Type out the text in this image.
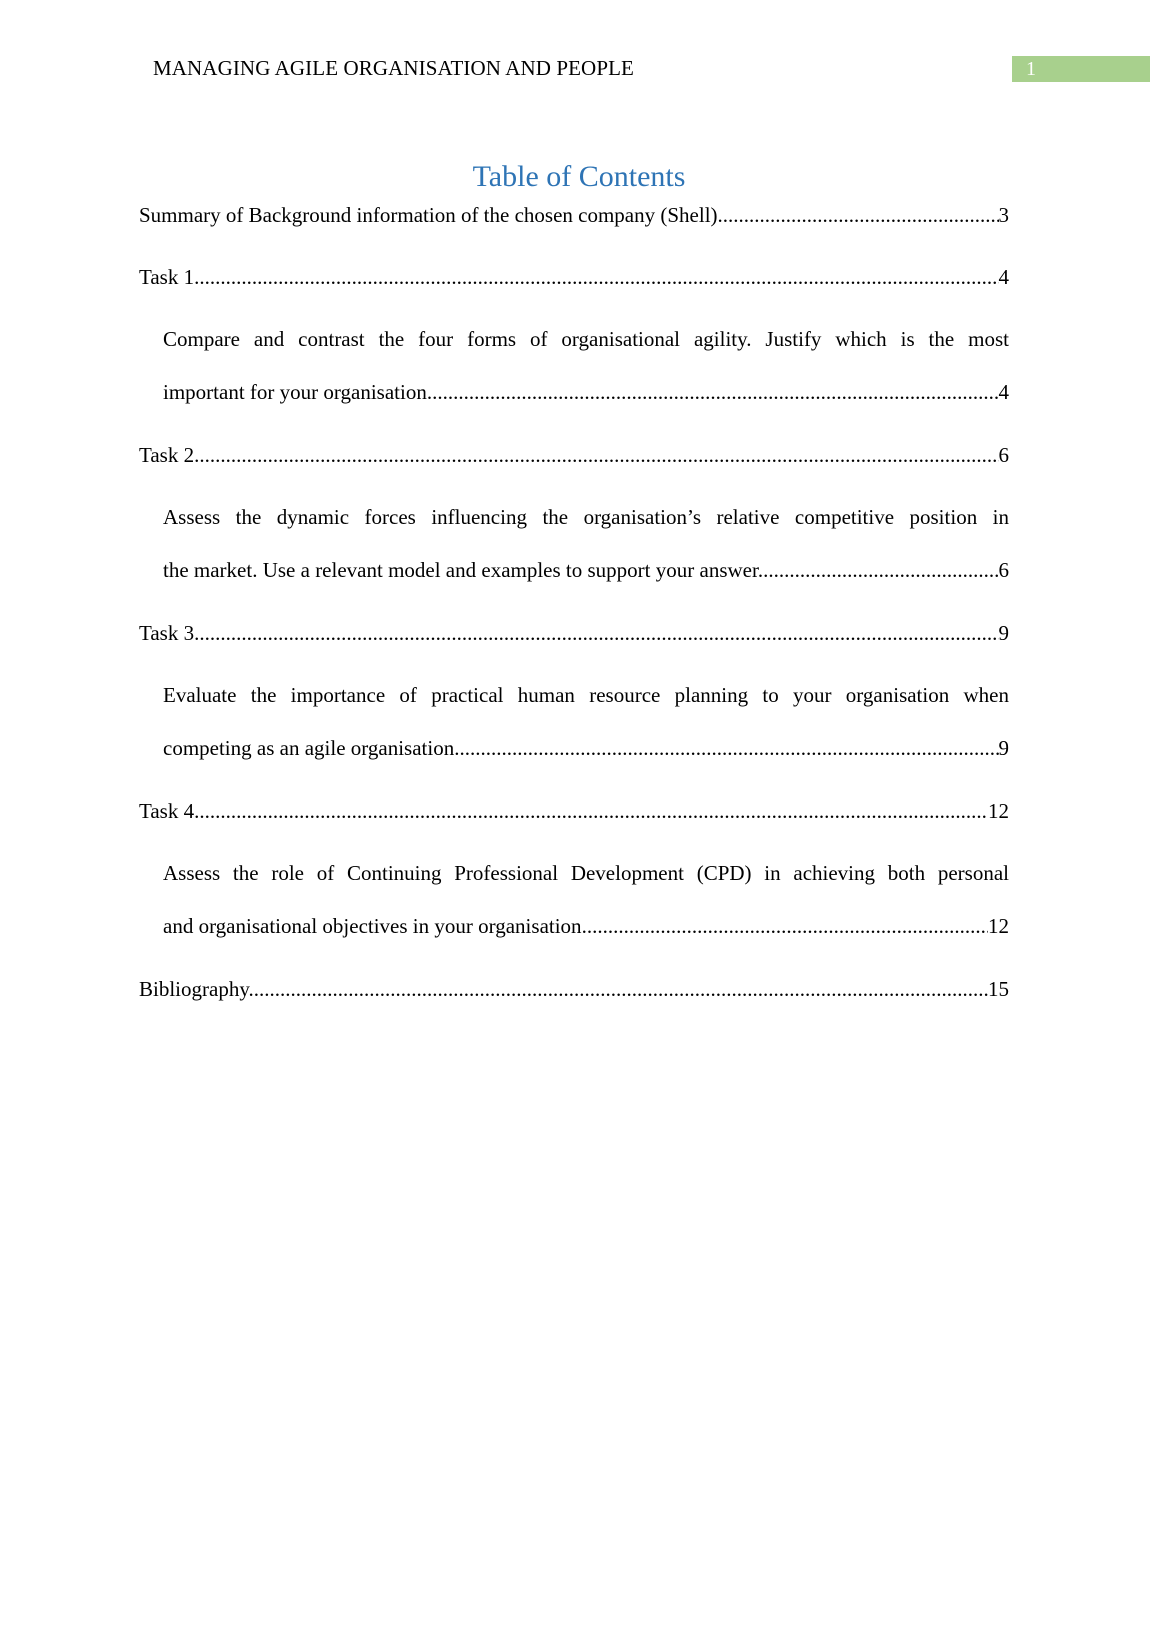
MANAGING AGILE ORGANISATION AND PEOPLE	1
Table of Contents
Summary of Background information of the chosen company (Shell) .....	3
Task 1 .....	4
Compare and contrast the four forms of organisational agility. Justify which is the most
important for your organisation .....	4
Task 2 .....	6
Assess the dynamic forces influencing the organisation’s relative competitive position in
the market. Use a relevant model and examples to support your answer .....	6
Task 3 .....	9
Evaluate the importance of practical human resource planning to your organisation when
competing as an agile organisation .....	9
Task 4 .....	12
Assess the role of Continuing Professional Development (CPD) in achieving both personal
and organisational objectives in your organisation .....	12
Bibliography .....	15
